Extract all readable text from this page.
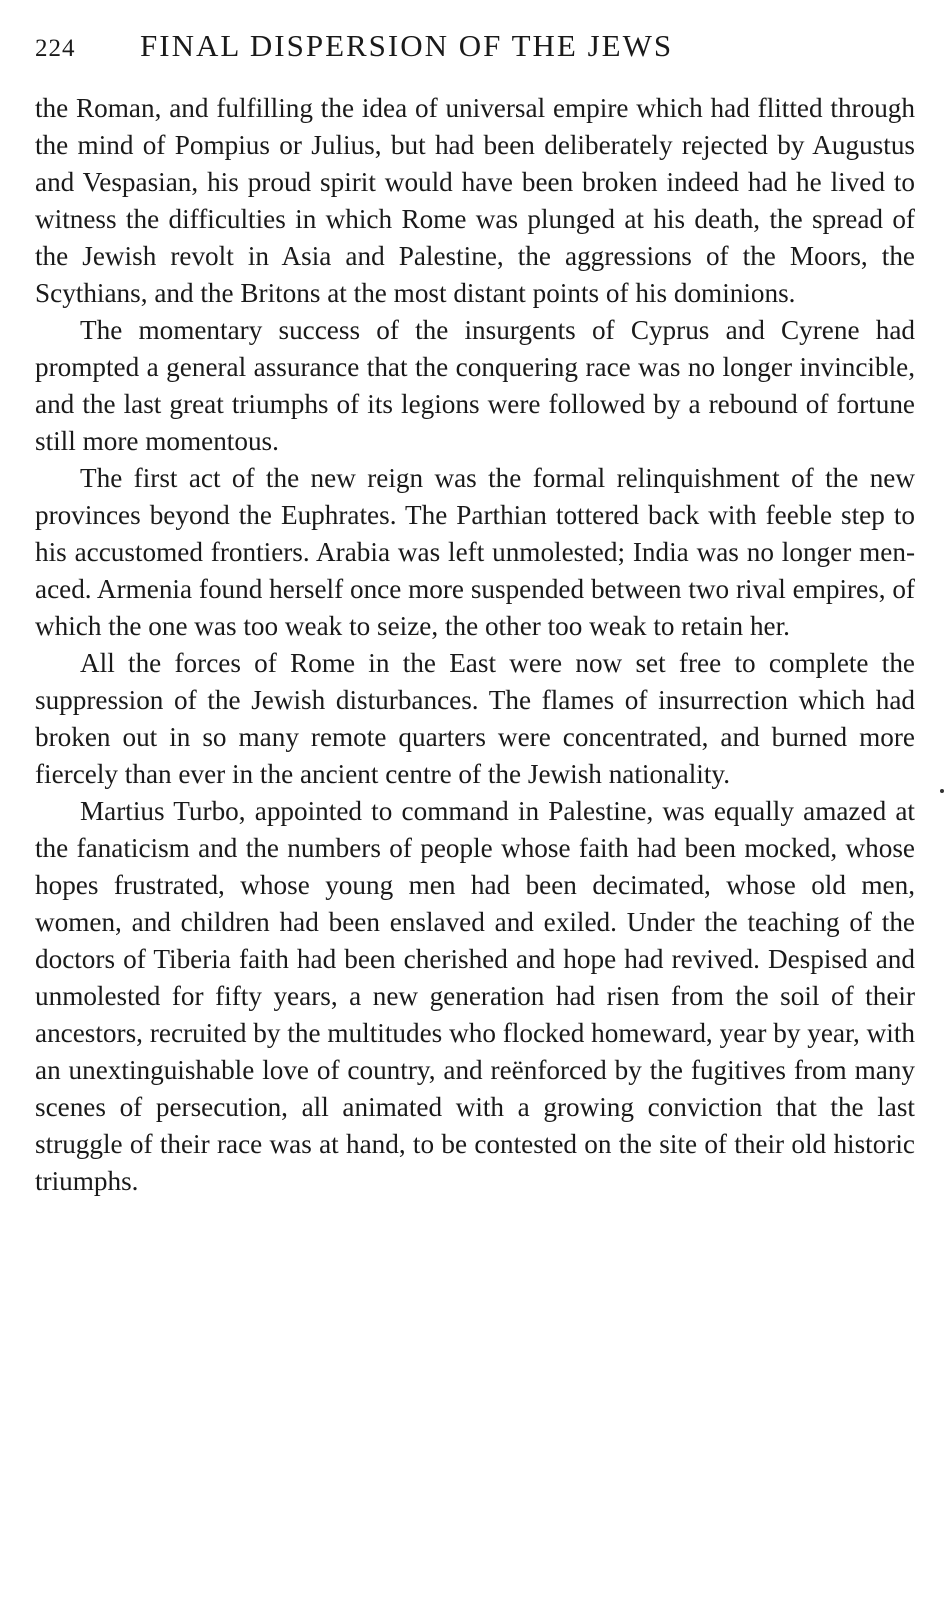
224	FINAL DISPERSION OF THE JEWS

the Roman, and fulfilling the idea of universal empire which had flitted through the mind of Pompius or Julius, but had been deliberately rejected by Augustus and Vespasian, his proud spirit would have been broken indeed had he lived to witness the difficulties in which Rome was plunged at his death, the spread of the Jewish revolt in Asia and Palestine, the aggressions of the Moors, the Scythians, and the Britons at the most distant points of his dominions.

The momentary success of the insurgents of Cyprus and Cyrene had prompted a general assurance that the conquering race was no longer invincible, and the last great triumphs of its legions were followed by a rebound of fortune still more momentous.

The first act of the new reign was the formal relinquishment of the new provinces beyond the Euphrates. The Parthian tottered back with feeble step to his accustomed frontiers. Arabia was left unmolested; India was no longer menaced. Armenia found herself once more suspended between two rival empires, of which the one was too weak to seize, the other too weak to retain her.

All the forces of Rome in the East were now set free to complete the suppression of the Jewish disturbances. The flames of insurrection which had broken out in so many remote quarters were concentrated, and burned more fiercely than ever in the ancient centre of the Jewish nationality.

Martius Turbo, appointed to command in Palestine, was equally amazed at the fanaticism and the numbers of people whose faith had been mocked, whose hopes frustrated, whose young men had been decimated, whose old men, women, and children had been enslaved and exiled. Under the teaching of the doctors of Tiberia faith had been cherished and hope had revived. Despised and unmolested for fifty years, a new generation had risen from the soil of their ancestors, recruited by the multitudes who flocked homeward, year by year, with an unextinguishable love of country, and reënforced by the fugitives from many scenes of persecution, all animated with a growing conviction that the last struggle of their race was at hand, to be contested on the site of their old historic triumphs.
